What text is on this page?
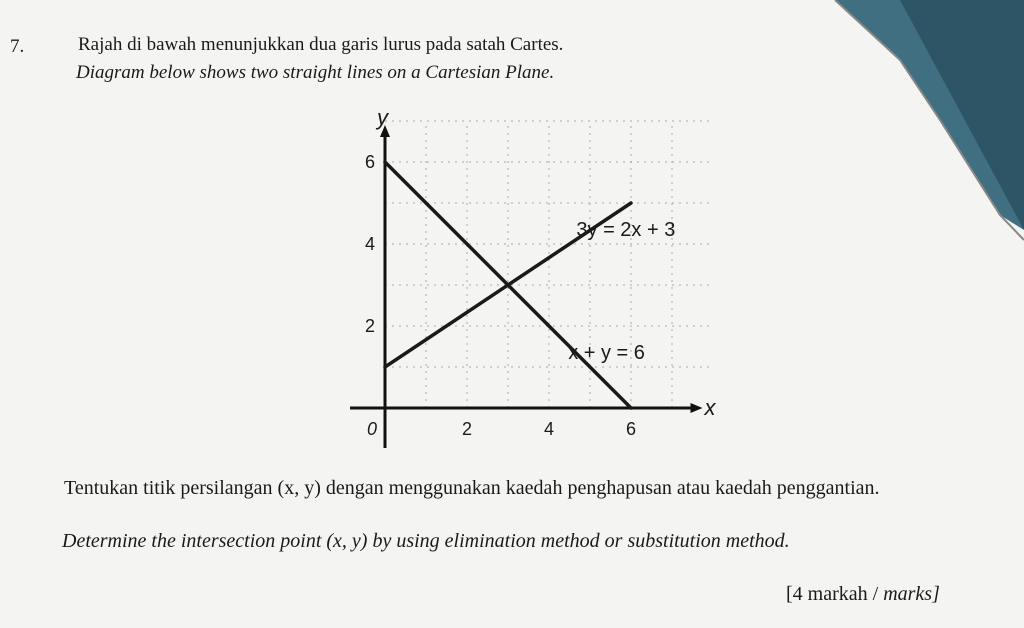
7.	Rajah di bawah menunjukkan dua garis lurus pada satah Cartes.
Diagram below shows two straight lines on a Cartesian Plane.
x
y
0	2	4	6
2
4
6
3y = 2x + 3
x + y = 6
Tentukan titik persilangan (x, y) dengan menggunakan kaedah penghapusan atau kaedah penggantian.
Determine the intersection point (x, y) by using elimination method or substitution method.
[4 markah / marks]
